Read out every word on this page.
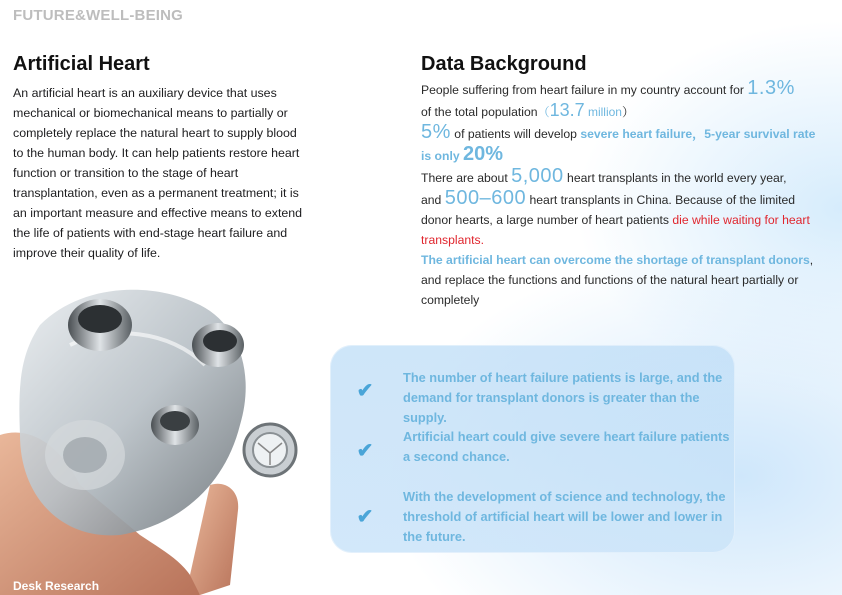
FUTURE&WELL-BEING
Artificial Heart
An artificial heart is an auxiliary device that uses mechanical or biomechanical means to partially or completely replace the natural heart to supply blood to the human body. It can help patients restore heart function or transition to the stage of heart transplantation, even as a permanent treatment; it is an important measure and effective means to extend the life of patients with end-stage heart failure and improve their quality of life.
Data Background
People suffering from heart failure in my country account for 1.3%
of the total population（13.7 million）
5% of patients will develop severe heart failure，5-year survival rate is only 20%
There are about 5,000 heart transplants in the world every year,
and 500–600 heart transplants in China. Because of the limited donor hearts, a large number of heart patients die while waiting for heart transplants.
The artificial heart can overcome the shortage of transplant donors, and replace the functions and functions of the natural heart partially or completely
✔
The number of heart failure patients is large, and the demand for transplant donors is greater than the supply.
✔
Artificial heart could give severe heart failure patients a second chance.
✔
With the development of science and technology, the threshold of artificial heart will be lower and lower in the future.
Desk Research
